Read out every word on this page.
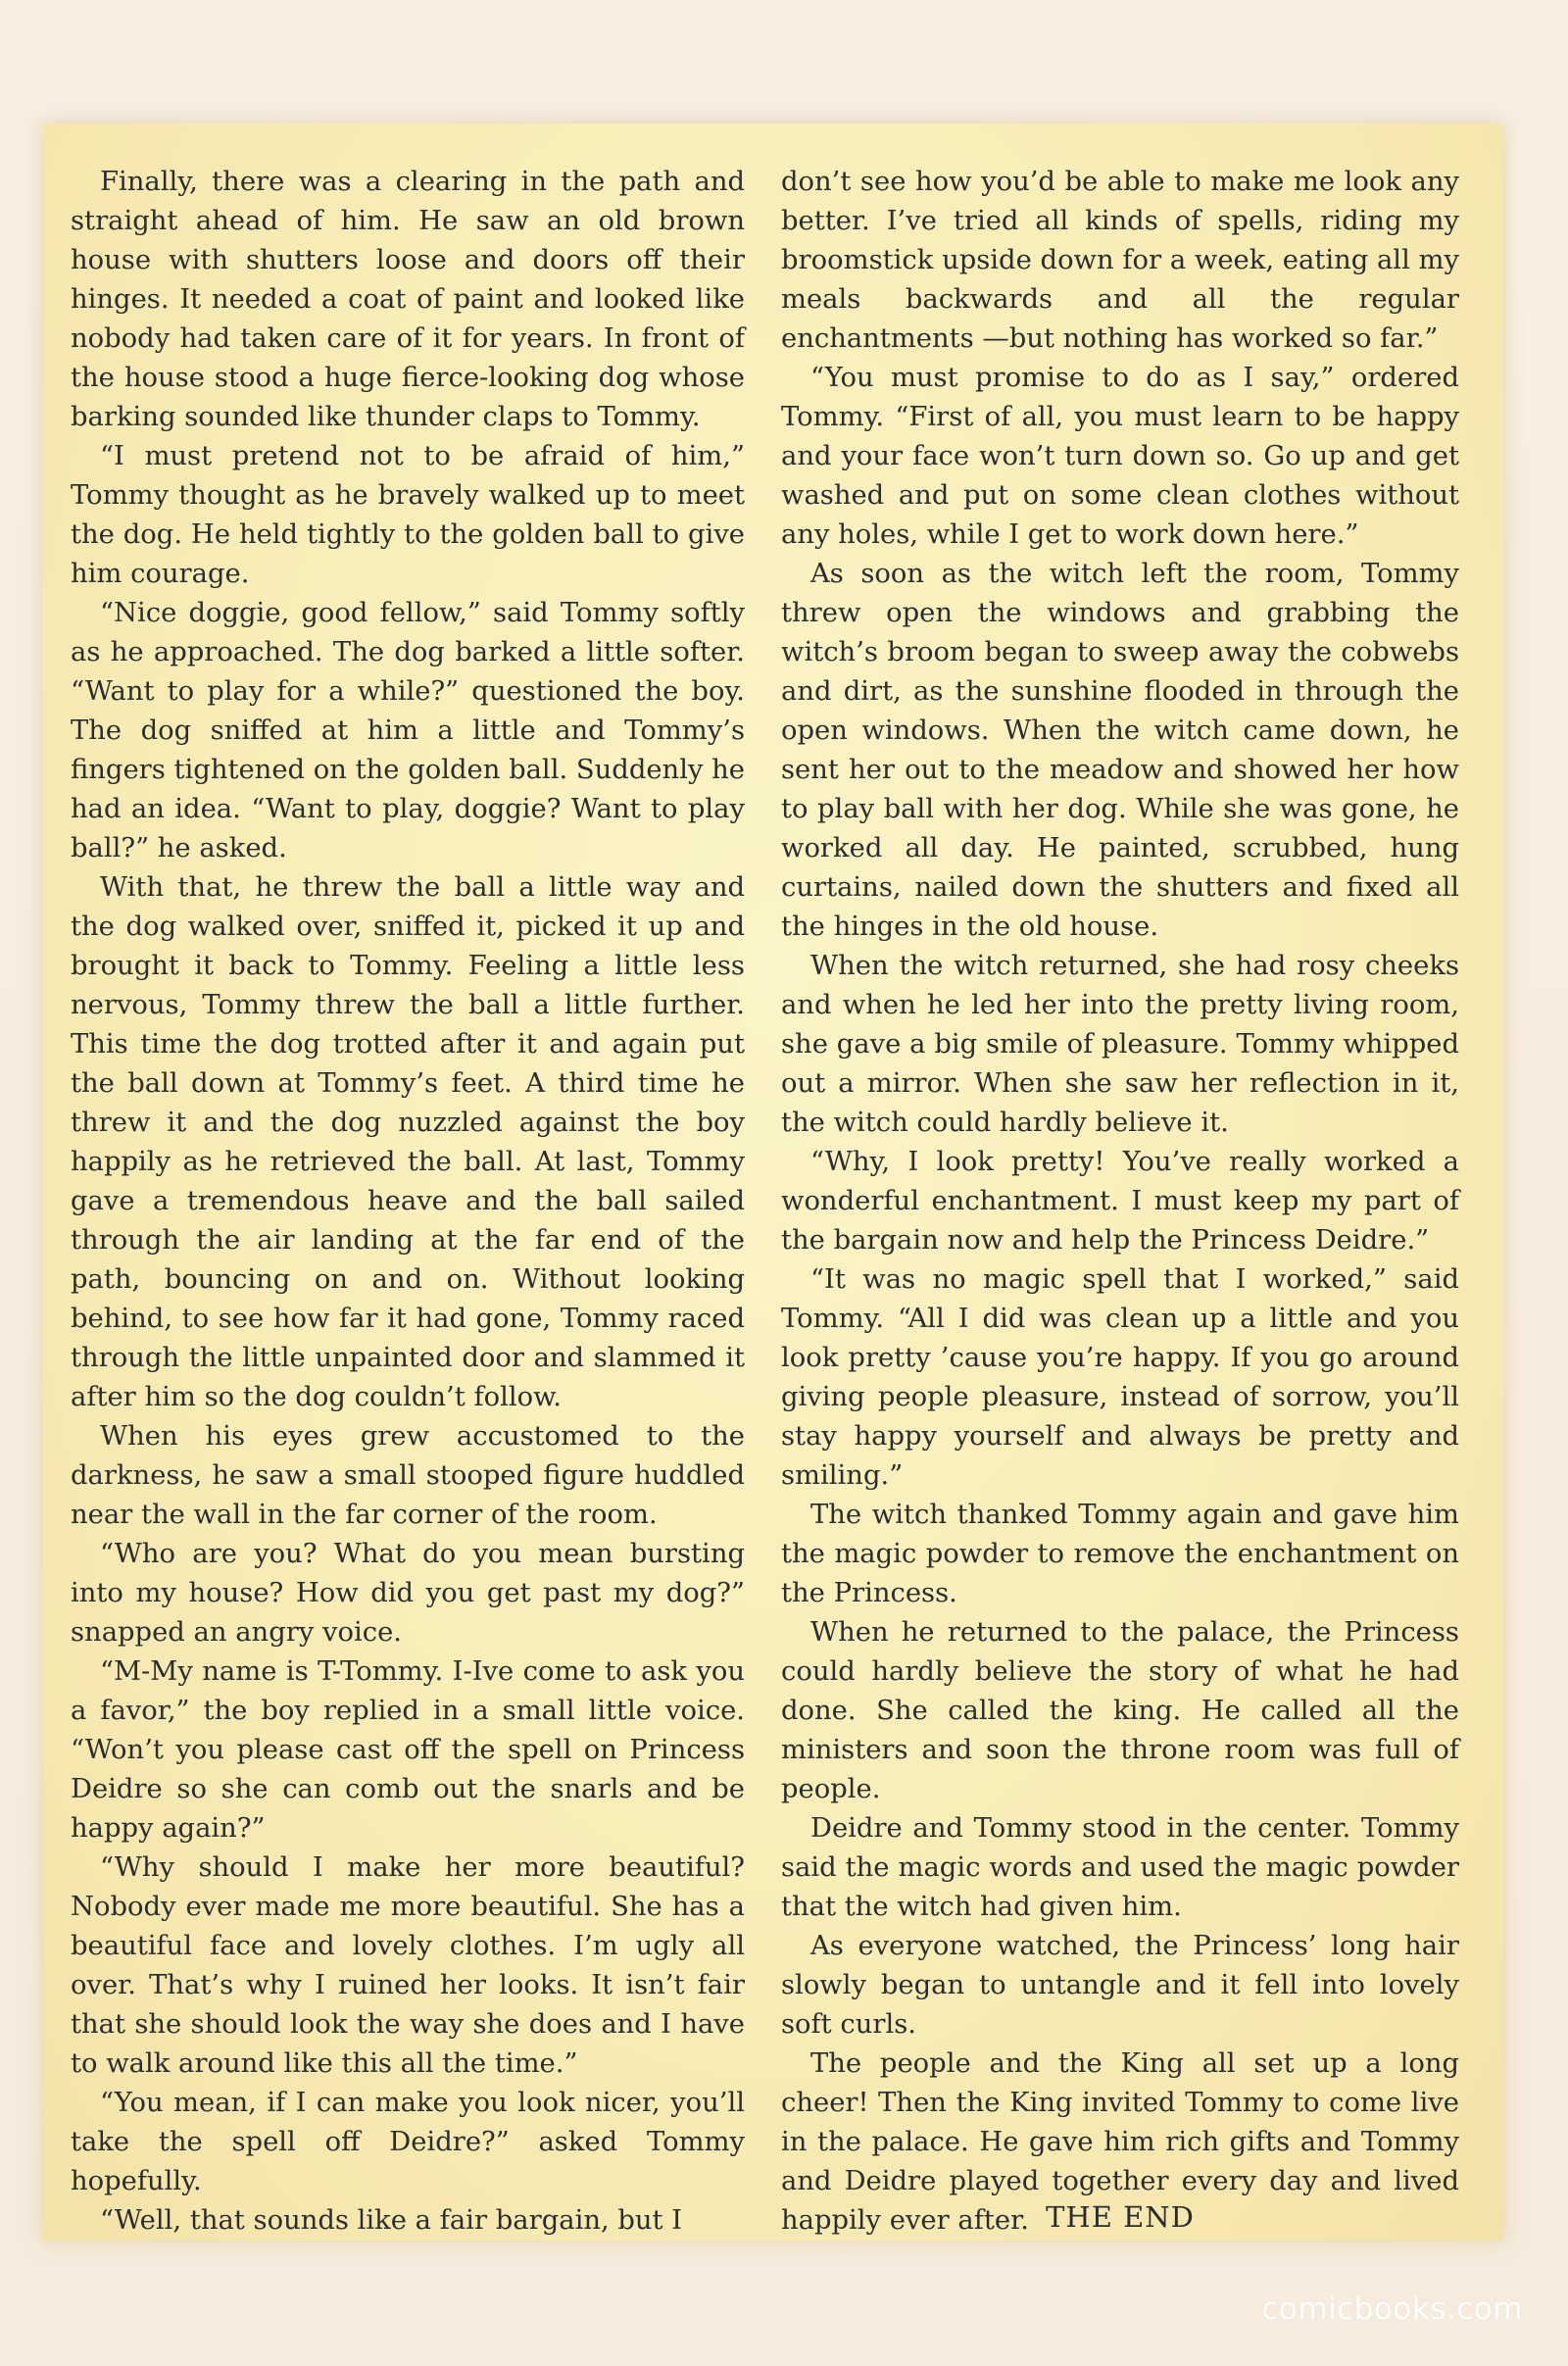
Finally, there was a clearing in the path and straight ahead of him. He saw an old brown house with shutters loose and doors off their hinges. It needed a coat of paint and looked like nobody had taken care of it for years. In front of the house stood a huge fierce-looking dog whose barking sounded like thunder claps to Tommy.

“I must pretend not to be afraid of him,” Tommy thought as he bravely walked up to meet the dog. He held tightly to the golden ball to give him courage.

“Nice doggie, good fellow,” said Tommy softly as he approached. The dog barked a little softer. “Want to play for a while?” questioned the boy. The dog sniffed at him a little and Tommy’s fingers tightened on the golden ball. Suddenly he had an idea. “Want to play, doggie? Want to play ball?” he asked.

With that, he threw the ball a little way and the dog walked over, sniffed it, picked it up and brought it back to Tommy. Feeling a little less nervous, Tommy threw the ball a little further. This time the dog trotted after it and again put the ball down at Tommy’s feet. A third time he threw it and the dog nuzzled against the boy happily as he retrieved the ball. At last, Tommy gave a tremendous heave and the ball sailed through the air landing at the far end of the path, bouncing on and on. Without looking behind, to see how far it had gone, Tommy raced through the little unpainted door and slammed it after him so the dog couldn’t follow.

When his eyes grew accustomed to the darkness, he saw a small stooped figure huddled near the wall in the far corner of the room.

“Who are you? What do you mean bursting into my house? How did you get past my dog?” snapped an angry voice.

“M-My name is T-Tommy. I-Ive come to ask you a favor,” the boy replied in a small little voice. “Won’t you please cast off the spell on Princess Deidre so she can comb out the snarls and be happy again?”

“Why should I make her more beautiful? Nobody ever made me more beautiful. She has a beautiful face and lovely clothes. I’m ugly all over. That’s why I ruined her looks. It isn’t fair that she should look the way she does and I have to walk around like this all the time.”

“You mean, if I can make you look nicer, you’ll take the spell off Deidre?” asked Tommy hopefully.

“Well, that sounds like a fair bargain, but I

don’t see how you’d be able to make me look any better. I’ve tried all kinds of spells, riding my broomstick upside down for a week, eating all my meals backwards and all the regular enchantments —but nothing has worked so far.”

“You must promise to do as I say,” ordered Tommy. “First of all, you must learn to be happy and your face won’t turn down so. Go up and get washed and put on some clean clothes without any holes, while I get to work down here.”

As soon as the witch left the room, Tommy threw open the windows and grabbing the witch’s broom began to sweep away the cobwebs and dirt, as the sunshine flooded in through the open windows. When the witch came down, he sent her out to the meadow and showed her how to play ball with her dog. While she was gone, he worked all day. He painted, scrubbed, hung curtains, nailed down the shutters and fixed all the hinges in the old house.

When the witch returned, she had rosy cheeks and when he led her into the pretty living room, she gave a big smile of pleasure. Tommy whipped out a mirror. When she saw her reflection in it, the witch could hardly believe it.

“Why, I look pretty! You’ve really worked a wonderful enchantment. I must keep my part of the bargain now and help the Princess Deidre.”

“It was no magic spell that I worked,” said Tommy. “All I did was clean up a little and you look pretty ’cause you’re happy. If you go around giving people pleasure, instead of sorrow, you’ll stay happy yourself and always be pretty and smiling.”

The witch thanked Tommy again and gave him the magic powder to remove the enchantment on the Princess.

When he returned to the palace, the Princess could hardly believe the story of what he had done. She called the king. He called all the ministers and soon the throne room was full of people.

Deidre and Tommy stood in the center. Tommy said the magic words and used the magic powder that the witch had given him.

As everyone watched, the Princess’ long hair slowly began to untangle and it fell into lovely soft curls.

The people and the King all set up a long cheer! Then the King invited Tommy to come live in the palace. He gave him rich gifts and Tommy and Deidre played together every day and lived happily ever after. THE END
comicbooks.com
